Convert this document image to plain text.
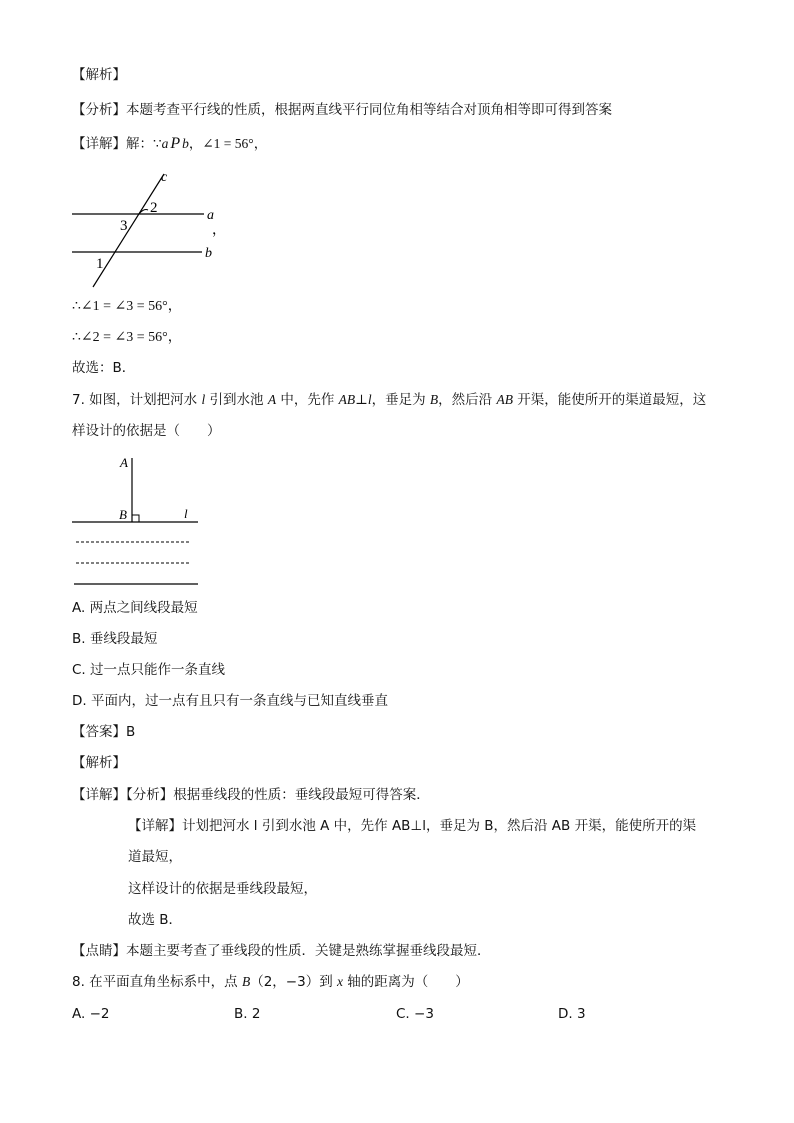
【解析】
【分析】本题考查平行线的性质，根据两直线平行同位角相等结合对顶角相等即可得到答案
【详解】解：∵a P b，∠1 = 56°，
c
2
3
a
，
b
1
∴∠1 = ∠3 = 56°，
∴∠2 = ∠3 = 56°，
故选：B．
7. 如图，计划把河水 l 引到水池 A 中，先作 AB⊥l，垂足为 B，然后沿 AB 开渠，能使所开的渠道最短，这
样设计的依据是（　　）
A
B	l
A. 两点之间线段最短
B. 垂线段最短
C. 过一点只能作一条直线
D. 平面内，过一点有且只有一条直线与已知直线垂直
【答案】B
【解析】
【详解】【分析】根据垂线段的性质：垂线段最短可得答案．
【详解】计划把河水 l 引到水池 A 中，先作 AB⊥l，垂足为 B，然后沿 AB 开渠，能使所开的渠
道最短，
这样设计的依据是垂线段最短，
故选 B．
【点睛】本题主要考查了垂线段的性质．关键是熟练掌握垂线段最短．
8. 在平面直角坐标系中，点 B（2，−3）到 x 轴的距离为（　　）
A. −2	B. 2	C. −3	D. 3
